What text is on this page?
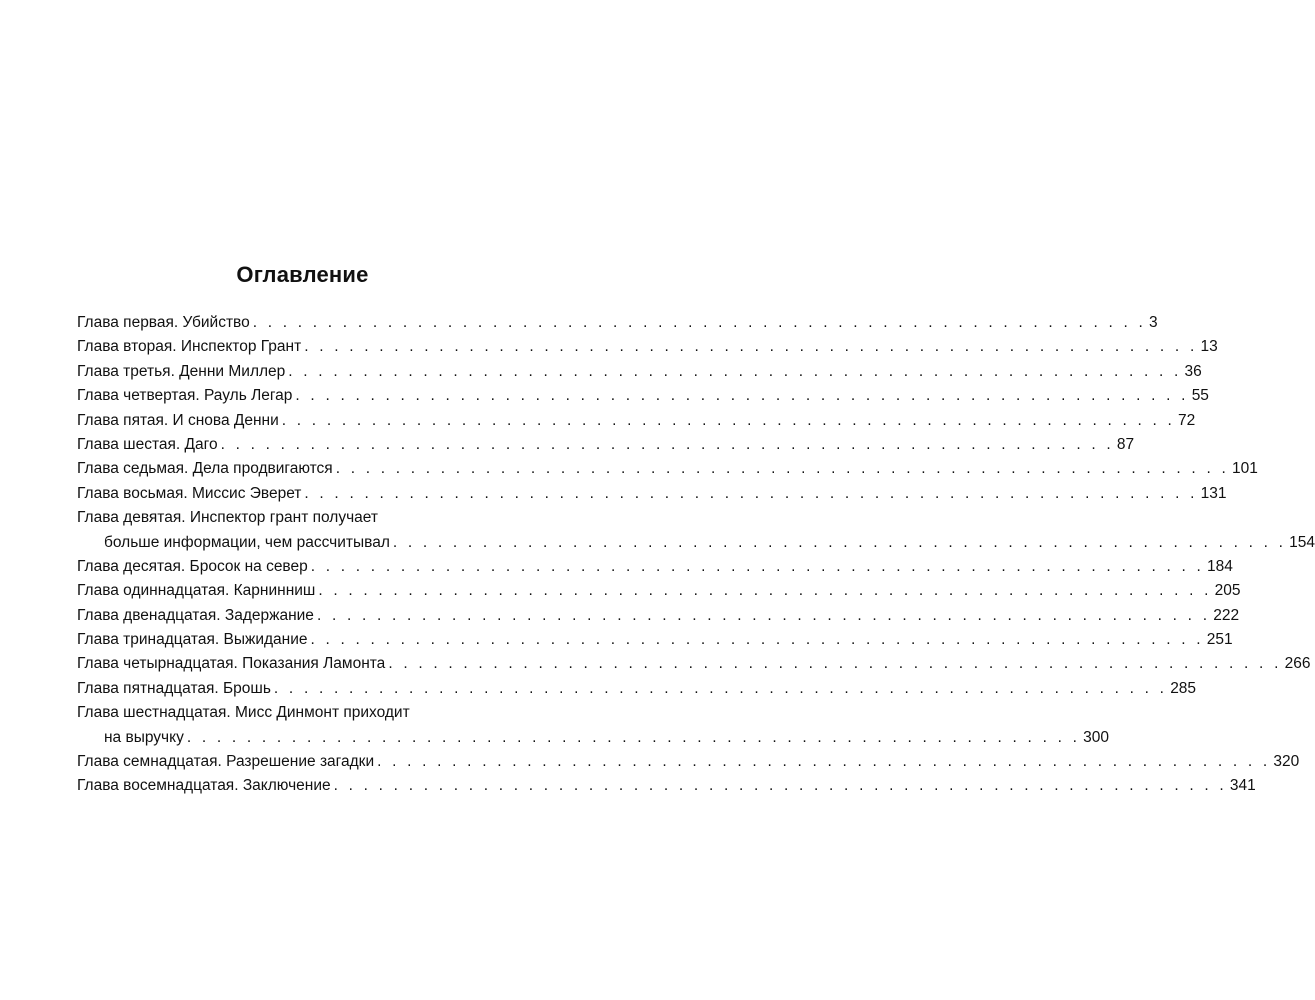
Оглавление
Глава первая. Убийство . . . . . . . . . . . . . . . . . . . . . . . . . . . . . . . . . . . . . . . . . . . . . . . . . . . . . . . . . . . . 3
Глава вторая. Инспектор Грант . . . . . . . . . . . . . . . . . . . . . . . . . . . . . . . . . . . . . . . . . . . . . . . . . . . . . . . . . . . . 13
Глава третья. Денни Миллер . . . . . . . . . . . . . . . . . . . . . . . . . . . . . . . . . . . . . . . . . . . . . . . . . . . . . . . . . . . . 36
Глава четвертая. Рауль Легар . . . . . . . . . . . . . . . . . . . . . . . . . . . . . . . . . . . . . . . . . . . . . . . . . . . . . . . . . . . . 55
Глава пятая. И снова Денни . . . . . . . . . . . . . . . . . . . . . . . . . . . . . . . . . . . . . . . . . . . . . . . . . . . . . . . . . . . . 72
Глава шестая. Даго . . . . . . . . . . . . . . . . . . . . . . . . . . . . . . . . . . . . . . . . . . . . . . . . . . . . . . . . . . . . 87
Глава седьмая. Дела продвигаются . . . . . . . . . . . . . . . . . . . . . . . . . . . . . . . . . . . . . . . . . . . . . . . . . . . . . . . . . . . . 101
Глава восьмая. Миссис Эверет . . . . . . . . . . . . . . . . . . . . . . . . . . . . . . . . . . . . . . . . . . . . . . . . . . . . . . . . . . . . 131
Глава девятая. Инспектор грант получает
больше информации, чем рассчитывал . . . . . . . . . . . . . . . . . . . . . . . . . . . . . . . . . . . . . . . . . . . . . . . . . . . . . . . . . . . . 154
Глава десятая. Бросок на север . . . . . . . . . . . . . . . . . . . . . . . . . . . . . . . . . . . . . . . . . . . . . . . . . . . . . . . . . . . . 184
Глава одиннадцатая. Карнинниш . . . . . . . . . . . . . . . . . . . . . . . . . . . . . . . . . . . . . . . . . . . . . . . . . . . . . . . . . . . . 205
Глава двенадцатая. Задержание . . . . . . . . . . . . . . . . . . . . . . . . . . . . . . . . . . . . . . . . . . . . . . . . . . . . . . . . . . . . 222
Глава тринадцатая. Выжидание . . . . . . . . . . . . . . . . . . . . . . . . . . . . . . . . . . . . . . . . . . . . . . . . . . . . . . . . . . . . 251
Глава четырнадцатая. Показания Ламонта . . . . . . . . . . . . . . . . . . . . . . . . . . . . . . . . . . . . . . . . . . . . . . . . . . . . . . . . . . . . 266
Глава пятнадцатая. Брошь . . . . . . . . . . . . . . . . . . . . . . . . . . . . . . . . . . . . . . . . . . . . . . . . . . . . . . . . . . . . 285
Глава шестнадцатая. Мисс Динмонт приходит
на выручку . . . . . . . . . . . . . . . . . . . . . . . . . . . . . . . . . . . . . . . . . . . . . . . . . . . . . . . . . . . . 300
Глава семнадцатая. Разрешение загадки . . . . . . . . . . . . . . . . . . . . . . . . . . . . . . . . . . . . . . . . . . . . . . . . . . . . . . . . . . . . 320
Глава восемнадцатая. Заключение . . . . . . . . . . . . . . . . . . . . . . . . . . . . . . . . . . . . . . . . . . . . . . . . . . . . . . . . . . . . 341
